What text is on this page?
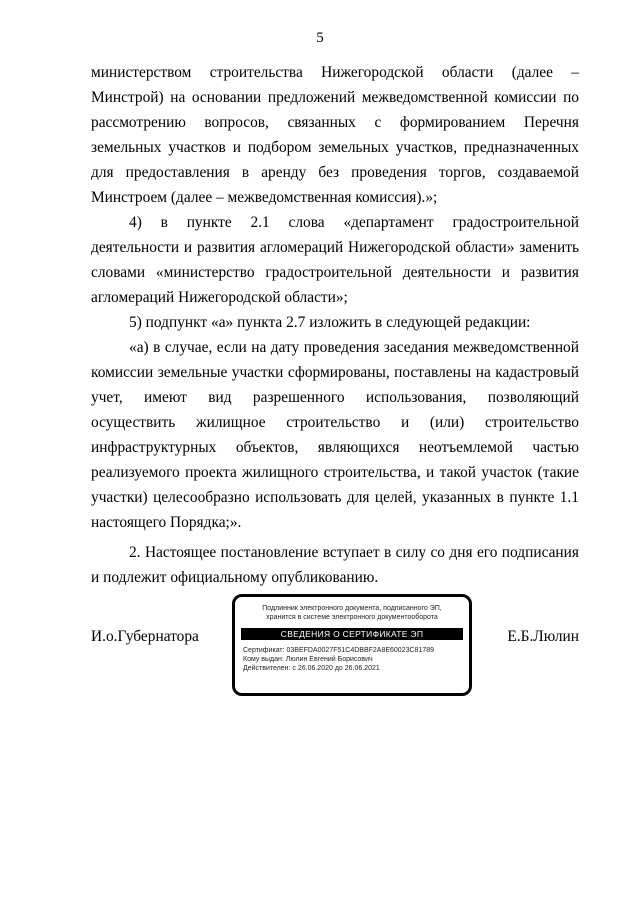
5

министерством строительства Нижегородской области (далее – Минстрой) на основании предложений межведомственной комиссии по рассмотрению вопросов, связанных с формированием Перечня земельных участков и подбором земельных участков, предназначенных для предоставления в аренду без проведения торгов, создаваемой Минстроем (далее – межведомственная комиссия).»;

4) в пункте 2.1 слова «департамент градостроительной деятельности и развития агломераций Нижегородской области» заменить словами «министерство градостроительной деятельности и развития агломераций Нижегородской области»;

5) подпункт «а» пункта 2.7 изложить в следующей редакции:

«а) в случае, если на дату проведения заседания межведомственной комиссии земельные участки сформированы, поставлены на кадастровый учет, имеют вид разрешенного использования, позволяющий осуществить жилищное строительство и (или) строительство инфраструктурных объектов, являющихся неотъемлемой частью реализуемого проекта жилищного строительства, и такой участок (такие участки) целесообразно использовать для целей, указанных в пункте 1.1 настоящего Порядка;».

2. Настоящее постановление вступает в силу со дня его подписания и подлежит официальному опубликованию.

И.о.Губернатора	Е.Б.Люлин
Подлинник электронного документа, подписанного ЭП,
хранится в системе электронного документооборота
СВЕДЕНИЯ О СЕРТИФИКАТЕ ЭП
Сертификат: 03BEFDA0027F51C4DBBF2A8E60023C81789
Кому выдан: Люлин Евгений Борисович
Действителен: с 26.06.2020 до 26.06.2021
